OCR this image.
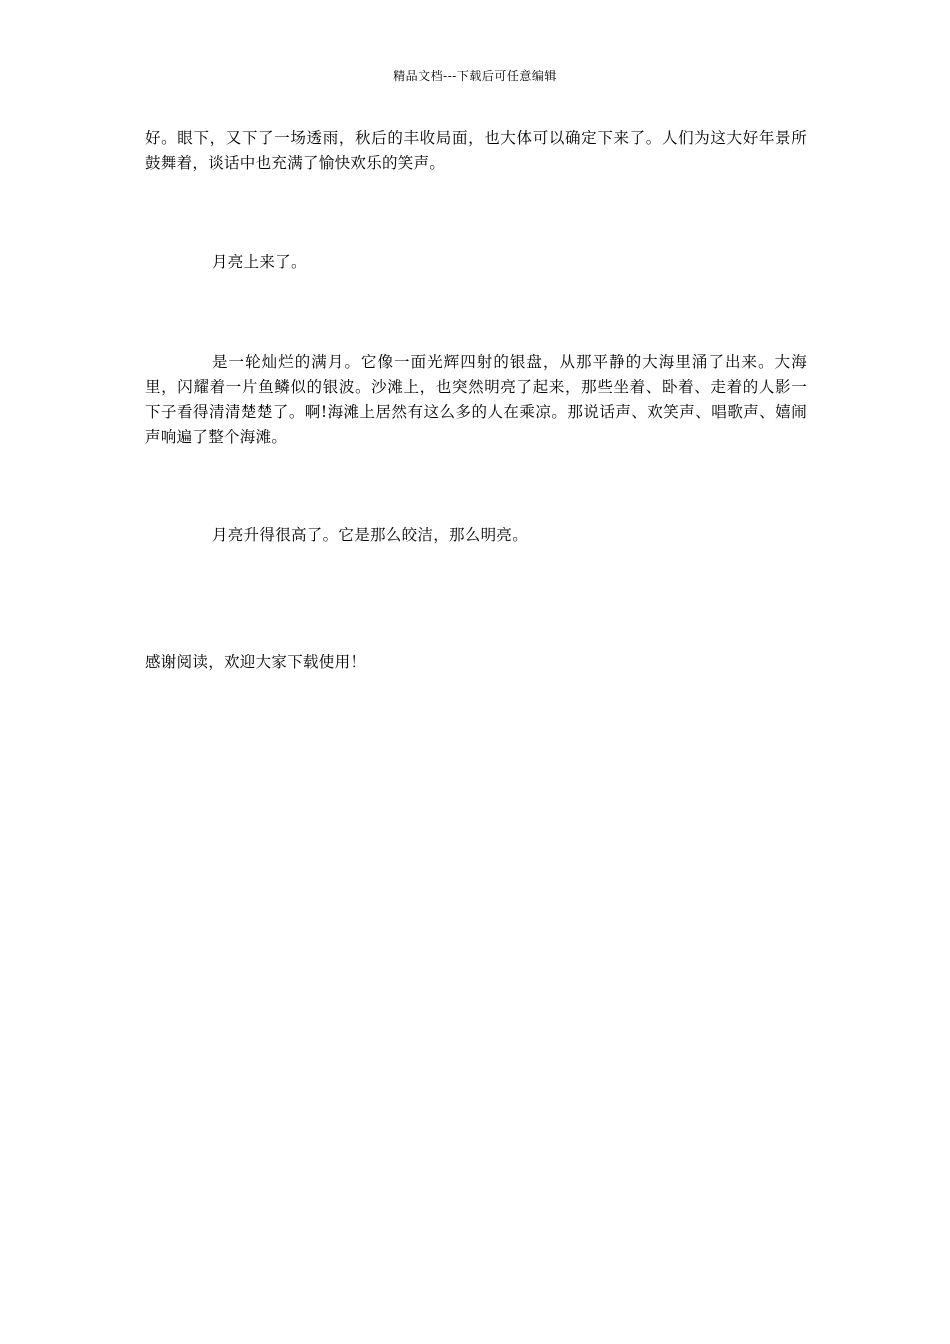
精品文档---下载后可任意编辑

好。眼下，又下了一场透雨，秋后的丰收局面，也大体可以确定下来了。人们为这大好年景所鼓舞着，谈话中也充满了愉快欢乐的笑声。

月亮上来了。

是一轮灿烂的满月。它像一面光辉四射的银盘，从那平静的大海里涌了出来。大海里，闪耀着一片鱼鳞似的银波。沙滩上，也突然明亮了起来，那些坐着、卧着、走着的人影一下子看得清清楚楚了。啊!海滩上居然有这么多的人在乘凉。那说话声、欢笑声、唱歌声、嬉闹声响遍了整个海滩。

月亮升得很高了。它是那么皎洁，那么明亮。

感谢阅读，欢迎大家下载使用！
